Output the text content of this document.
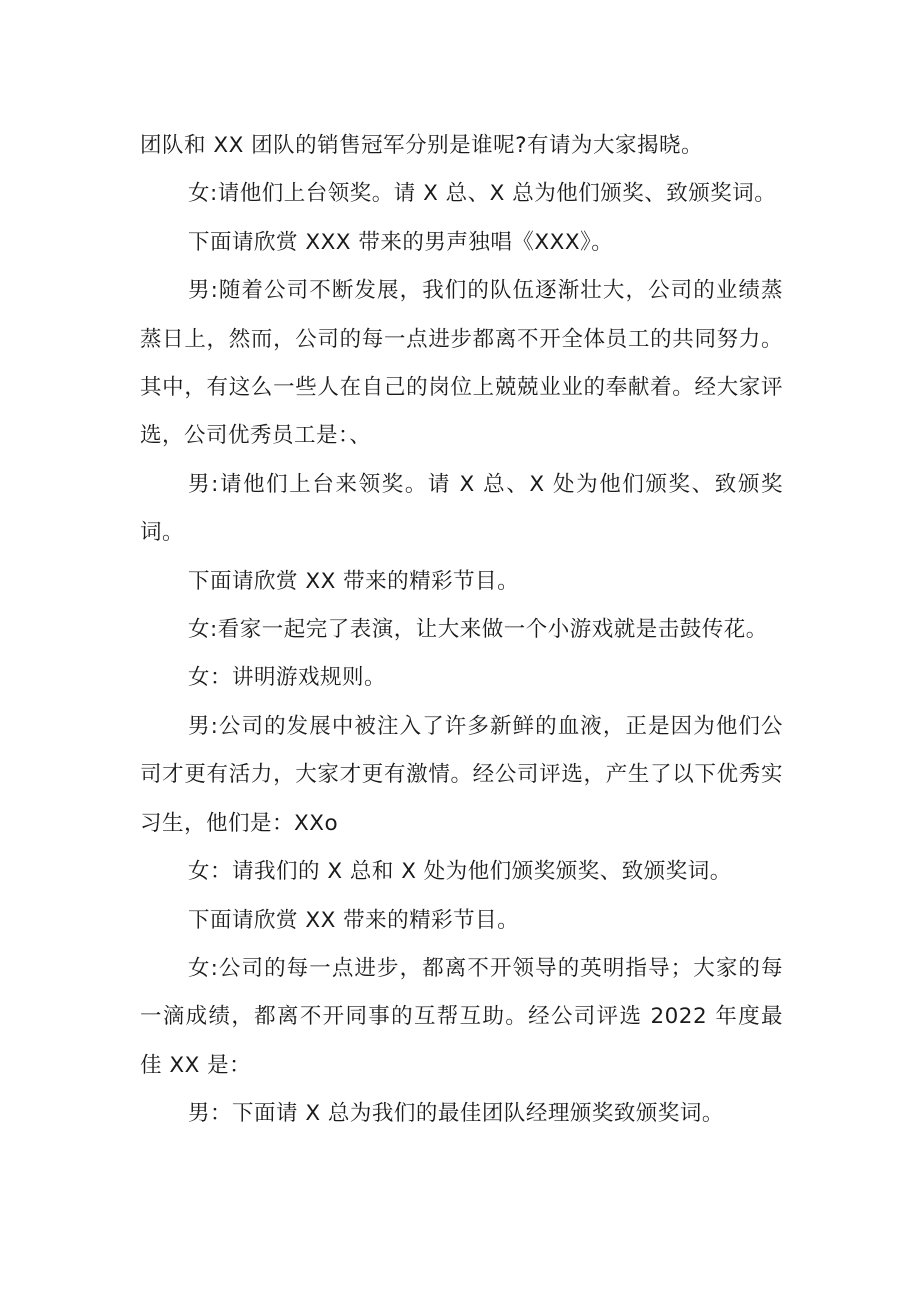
团队和 XX 团队的销售冠军分别是谁呢?有请为大家揭晓。

女:请他们上台领奖。请 X 总、X 总为他们颁奖、致颁奖词。

下面请欣赏 XXX 带来的男声独唱《XXX》。

男:随着公司不断发展，我们的队伍逐渐壮大，公司的业绩蒸蒸日上，然而，公司的每一点进步都离不开全体员工的共同努力。其中，有这么一些人在自己的岗位上兢兢业业的奉献着。经大家评选，公司优秀员工是：、

男:请他们上台来领奖。请 X 总、X 处为他们颁奖、致颁奖词。

下面请欣赏 XX 带来的精彩节目。

女:看家一起完了表演，让大来做一个小游戏就是击鼓传花。

女：讲明游戏规则。

男:公司的发展中被注入了许多新鲜的血液，正是因为他们公司才更有活力，大家才更有激情。经公司评选，产生了以下优秀实习生，他们是：XXo

女：请我们的 X 总和 X 处为他们颁奖颁奖、致颁奖词。

下面请欣赏 XX 带来的精彩节目。

女:公司的每一点进步，都离不开领导的英明指导；大家的每一滴成绩，都离不开同事的互帮互助。经公司评选 2022 年度最佳 XX 是：

男：下面请 X 总为我们的最佳团队经理颁奖致颁奖词。
